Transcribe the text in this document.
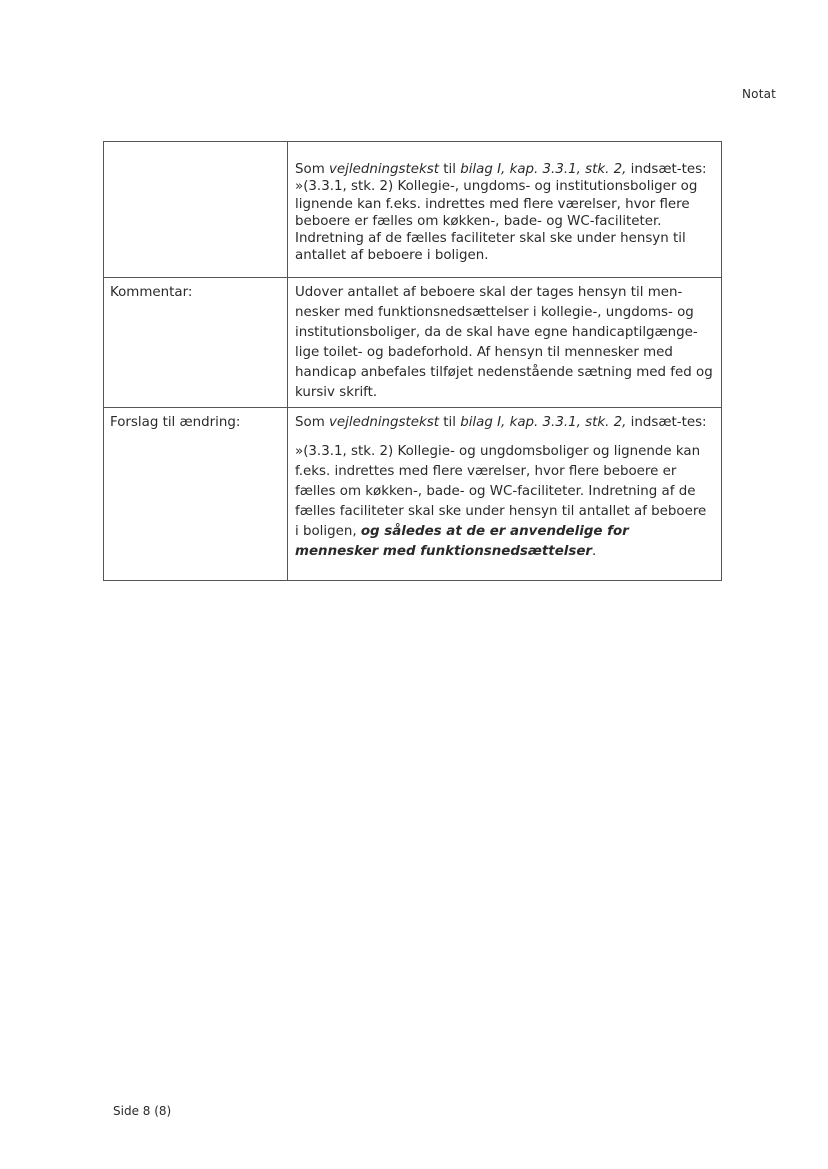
Notat

	Som vejledningstekst til bilag I, kap. 3.3.1, stk. 2, indsæt-tes:

»(3.3.1, stk. 2) Kollegie-, ungdoms- og institutionsboliger og lignende kan f.eks. indrettes med flere værelser, hvor flere beboere er fælles om køkken-, bade- og WC-faciliteter. Indretning af de fælles faciliteter skal ske under hensyn til antallet af beboere i boligen.

Kommentar:	Udover antallet af beboere skal der tages hensyn til men-nesker med funktionsnedsættelser i kollegie-, ungdoms- og institutionsboliger, da de skal have egne handicaptilgænge-lige toilet- og badeforhold. Af hensyn til mennesker med handicap anbefales tilføjet nedenstående sætning med fed og kursiv skrift.

Forslag til ændring:	Som vejledningstekst til bilag I, kap. 3.3.1, stk. 2, indsæt-tes:

»(3.3.1, stk. 2) Kollegie- og ungdomsboliger og lignende kan f.eks. indrettes med flere værelser, hvor flere beboere er fælles om køkken-, bade- og WC-faciliteter. Indretning af de fælles faciliteter skal ske under hensyn til antallet af beboere i boligen, og således at de er anvendelige for mennesker med funktionsnedsættelser.

Side 8 (8)
